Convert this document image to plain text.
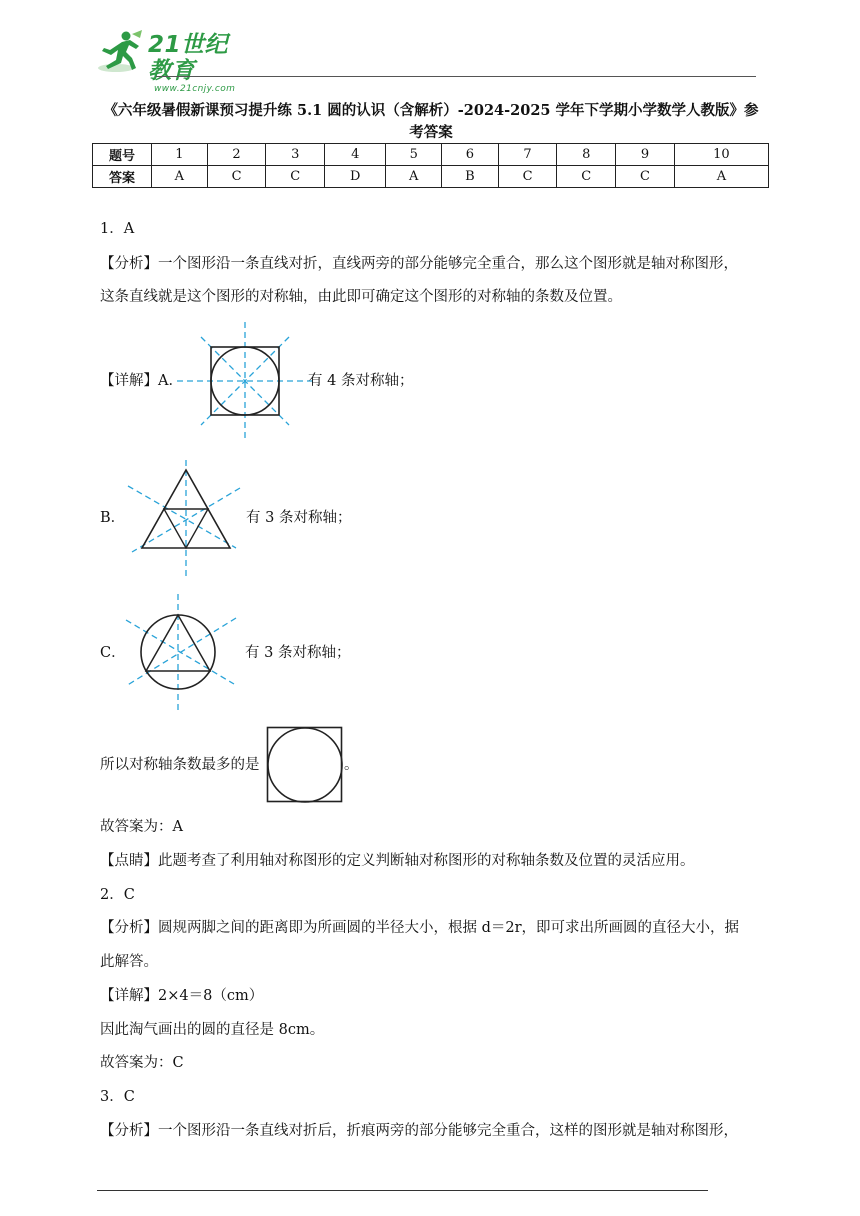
21世纪教育
www.21cnjy.com
《六年级暑假新课预习提升练 5.1 圆的认识（含解析）-2024-2025 学年下学期小学数学人教版》参
考答案
题号	1	2	3	4	5	6	7	8	9	10
答案	A	C	C	D	A	B	C	C	C	A
1．A
【分析】一个图形沿一条直线对折，直线两旁的部分能够完全重合，那么这个图形就是轴对称图形，
这条直线就是这个图形的对称轴，由此即可确定这个图形的对称轴的条数及位置。
【详解】A．	有 4 条对称轴；
B．	有 3 条对称轴；
C．	有 3 条对称轴；
所以对称轴条数最多的是	。
故答案为：A
【点睛】此题考查了利用轴对称图形的定义判断轴对称图形的对称轴条数及位置的灵活应用。
2．C
【分析】圆规两脚之间的距离即为所画圆的半径大小，根据 d＝2r，即可求出所画圆的直径大小，据
此解答。
【详解】2×4＝8（cm）
因此淘气画出的圆的直径是 8cm。
故答案为：C
3．C
【分析】一个图形沿一条直线对折后，折痕两旁的部分能够完全重合，这样的图形就是轴对称图形，
